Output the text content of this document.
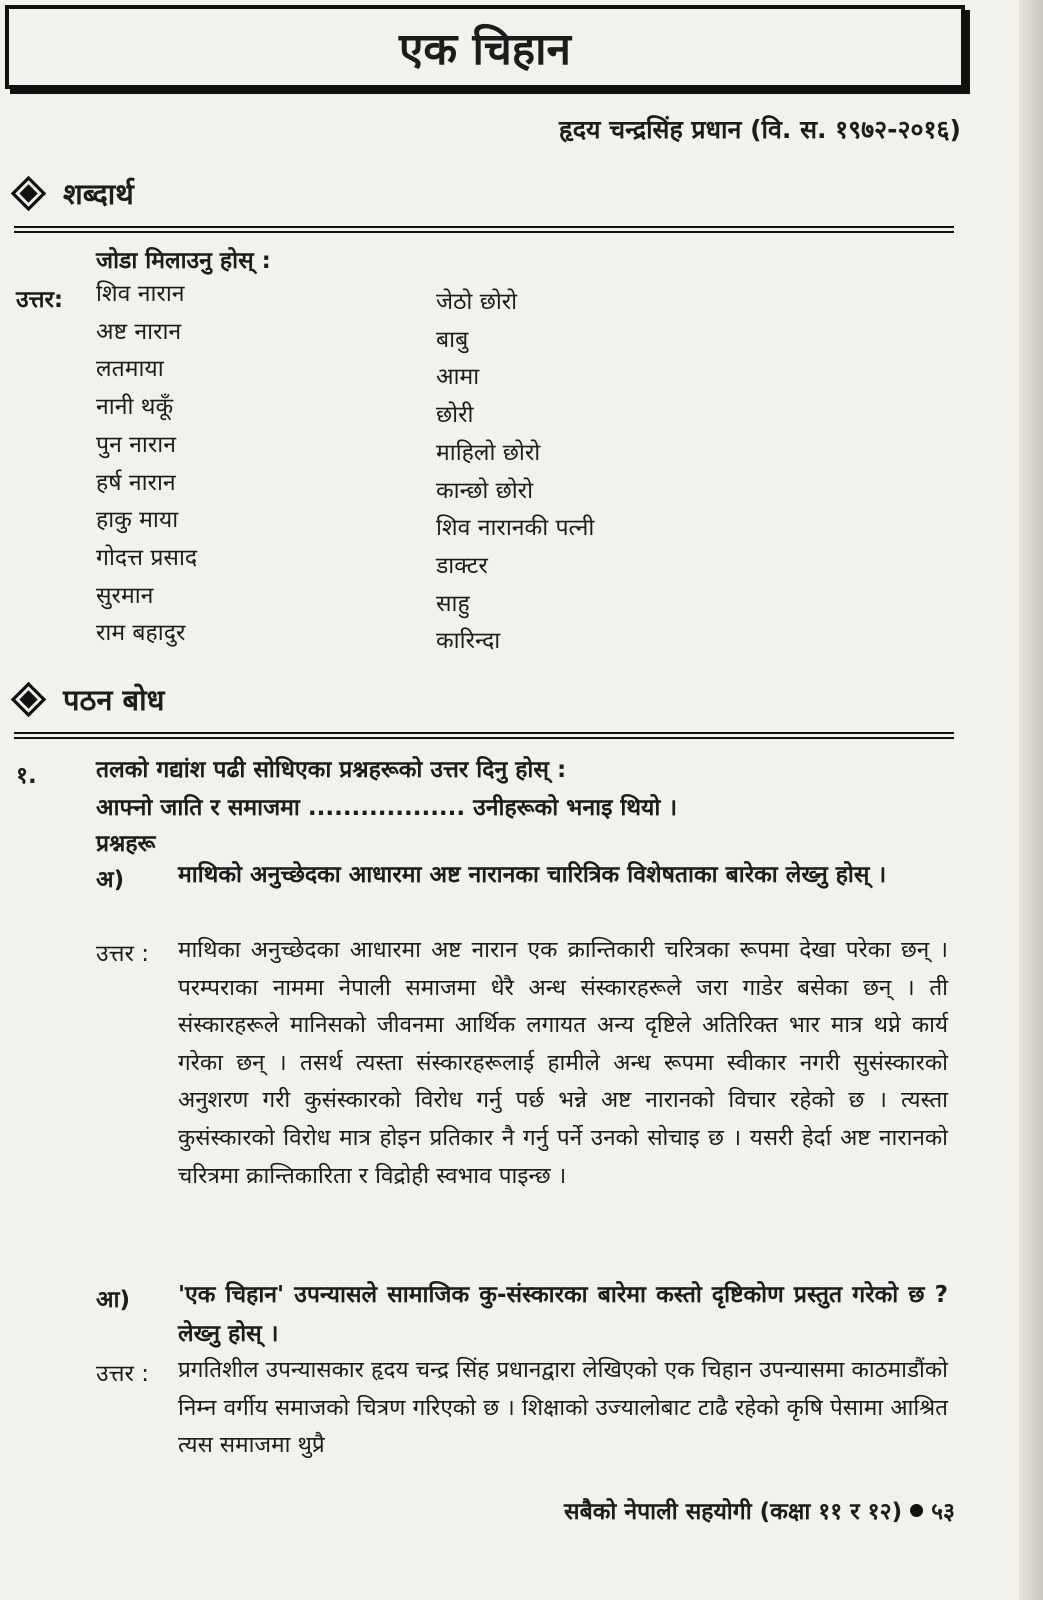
एक चिहान
हृदय चन्द्रसिंह प्रधान (वि. स. १९७२-२०१६)
शब्दार्थ
जोडा मिलाउनु होस् :
उत्तर: शिव नारान
अष्ट नारान
लतमाया
नानी थकूँ
पुन नारान
हर्ष नारान
हाकु माया
गोदत्त प्रसाद
सुरमान
राम बहादुर
जेठो छोरो
बाबु
आमा
छोरी
माहिलो छोरो
कान्छो छोरो
शिव नारानकी पत्नी
डाक्टर
साहु
कारिन्दा
पठन बोध
१.	तलको गद्यांश पढी सोधिएका प्रश्नहरूको उत्तर दिनु होस् :
आफ्नो जाति र समाजमा .................. उनीहरूको भनाइ थियो ।
प्रश्नहरू
अ) माथिको अनुच्छेदका आधारमा अष्ट नारानका चारित्रिक विशेषताका बारेका लेख्नु होस् ।
उत्तर : माथिका अनुच्छेदका आधारमा अष्ट नारान एक क्रान्तिकारी चरित्रका रूपमा देखा परेका छन् । परम्पराका नाममा नेपाली समाजमा धेरै अन्ध संस्कारहरूले जरा गाडेर बसेका छन् । ती संस्कारहरूले मानिसको जीवनमा आर्थिक लगायत अन्य दृष्टिले अतिरिक्त भार मात्र थप्ने कार्य गरेका छन् । तसर्थ त्यस्ता संस्कारहरूलाई हामीले अन्ध रूपमा स्वीकार नगरी सुसंस्कारको अनुशरण गरी कुसंस्कारको विरोध गर्नु पर्छ भन्ने अष्ट नारानको विचार रहेको छ । त्यस्ता कुसंस्कारको विरोध मात्र होइन प्रतिकार नै गर्नु पर्ने उनको सोचाइ छ । यसरी हेर्दा अष्ट नारानको चरित्रमा क्रान्तिकारिता र विद्रोही स्वभाव पाइन्छ ।
आ) 'एक चिहान' उपन्यासले सामाजिक कु-संस्कारका बारेमा कस्तो दृष्टिकोण प्रस्तुत गरेको छ ? लेख्नु होस् ।
उत्तर : प्रगतिशील उपन्यासकार हृदय चन्द्र सिंह प्रधानद्वारा लेखिएको एक चिहान उपन्यासमा काठमाडौंको निम्न वर्गीय समाजको चित्रण गरिएको छ । शिक्षाको उज्यालोबाट टाढै रहेको कृषि पेसामा आश्रित त्यस समाजमा थुप्रै
सबैको नेपाली सहयोगी (कक्षा ११ र १२) ५३
